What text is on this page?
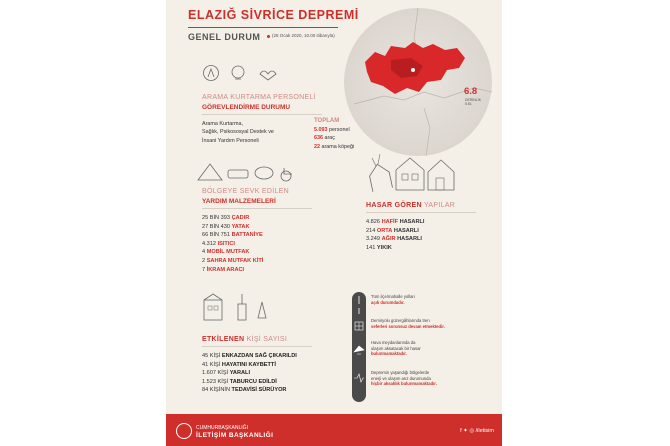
ELAZIĞ SİVRİCE DEPREMİ
GENEL DURUM	(28 Ocak 2020, 10.00 itibarıyla)
6.8
DERİNLİK
5.81
ARAMA KURTARMA PERSONELİ
GÖREVLENDİRME DURUMU
Arama Kurtarma,
Sağlık, Psikososyal Destek ve
İnsani Yardım Personeli
TOPLAM
5.093 personel
636 araç
22 arama köpeği
BÖLGEYE SEVK EDİLEN
YARDIM MALZEMELERİ
25 BİN 393 ÇADIR
27 BİN 430 YATAK
66 BİN 751 BATTANİYE
4.312 ISITICI
4 MOBİL MUTFAK
2 SAHRA MUTFAK KİTİ
7 İKRAM ARACI
HASAR GÖREN YAPILAR
4.826 HAFİF HASARLI
214 ORTA HASARLI
3.249 AĞIR HASARLI
141 YIKIK
ETKİLENEN KİŞİ SAYISI
45 KİŞİ ENKAZDAN SAĞ ÇIKARILDI
41 KİŞİ HAYATINI KAYBETTİ
1.607 KİŞİ YARALI
1.523 KİŞİ TABURCU EDİLDİ
84 KİŞİNİN TEDAVİSİ SÜRÜYOR
Tüm ilçe/mahalle yolları
açık durumdadır.
Demiryolu güzergâhlarında tren
seferleri sorunsuz devam etmektedir.
Hava meydanlarında da
ulaşım aksatacak bir hasar
bulunmamaktadır.
Depremin yaşandığı bölgelerde
enerji ve ulaşım arız durumunda
hiçbir aksaklık bulunmamaktadır.
CUMHURBAŞKANLIĞI
İLETİŞİM BAŞKANLIĞI
f ✦ ◎ /iletisim
